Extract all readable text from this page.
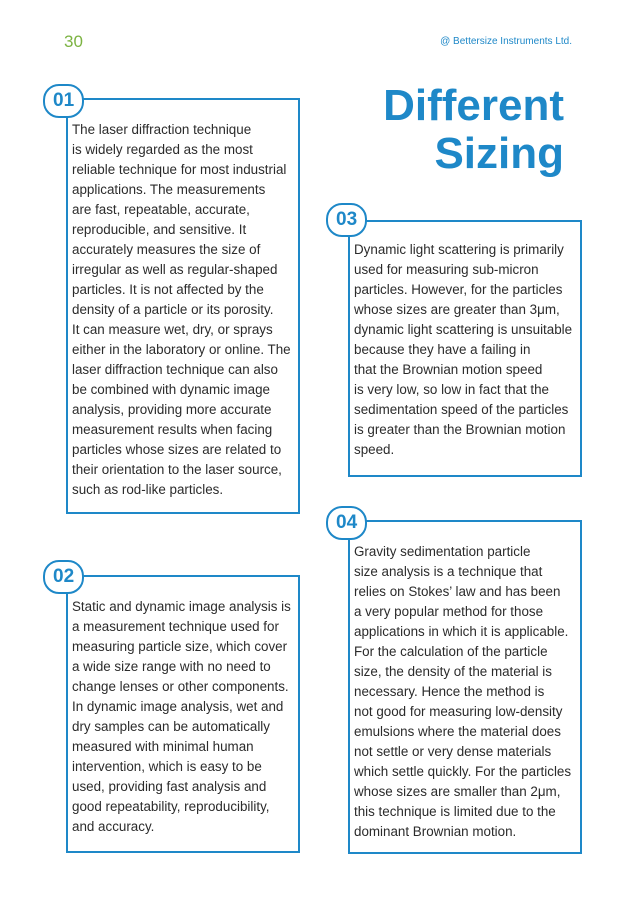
30	@ Bettersize Instruments Ltd.
Different
Sizing

The laser diffraction technique
is widely regarded as the most
reliable technique for most industrial
applications. The measurements
are fast, repeatable, accurate,
reproducible, and sensitive. It
accurately measures the size of
irregular as well as regular-shaped
particles. It is not affected by the
density of a particle or its porosity.
It can measure wet, dry, or sprays
either in the laboratory or online. The
laser diffraction technique can also
be combined with dynamic image
analysis, providing more accurate
measurement results when facing
particles whose sizes are related to
their orientation to the laser source,
such as rod-like particles.

01

Static and dynamic image analysis is
a measurement technique used for
measuring particle size, which cover
a wide size range with no need to
change lenses or other components.
In dynamic image analysis, wet and
dry samples can be automatically
measured with minimal human
intervention, which is easy to be
used, providing fast analysis and
good repeatability, reproducibility,
and accuracy.

02

Dynamic light scattering is primarily
used for measuring sub-micron
particles. However, for the particles
whose sizes are greater than 3μm,
dynamic light scattering is unsuitable
because they have a failing in
that the Brownian motion speed
is very low, so low in fact that the
sedimentation speed of the particles
is greater than the Brownian motion
speed.

03

Gravity sedimentation particle
size analysis is a technique that
relies on Stokes’ law and has been
a very popular method for those
applications in which it is applicable.
For the calculation of the particle
size, the density of the material is
necessary. Hence the method is
not good for measuring low-density
emulsions where the material does
not settle or very dense materials
which settle quickly. For the particles
whose sizes are smaller than 2μm,
this technique is limited due to the
dominant Brownian motion.

04
